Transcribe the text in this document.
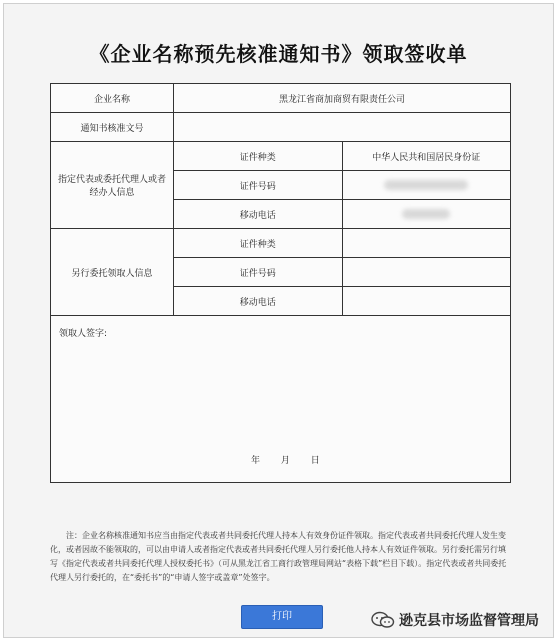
《企业名称预先核准通知书》领取签收单
企业名称	黑龙江省商加商贸有限责任公司	
通知书核准文号		
指定代表或委托代理人或者经办人信息	证件种类	中华人民共和国居民身份证
	证件号码	
	移动电话	
另行委托领取人信息	证件种类	
	证件号码	
	移动电话	

领取人签字:
年 月 日		
注：企业名称核准通知书应当由指定代表或者共同委托代理人持本人有效身份证件领取。指定代表或者共同委托代理人发生变化，或者因故不能领取的，可以由申请人或者指定代表或者共同委托代理人另行委托他人持本人有效证件领取。另行委托需另行填写《指定代表或者共同委托代理人授权委托书》（可从黑龙江省工商行政管理局网站“表格下载”栏目下载）。指定代表或者共同委托代理人另行委托的，在“委托书”的“申请人签字或盖章”处签字。
打印	逊克县市场监督管理局
